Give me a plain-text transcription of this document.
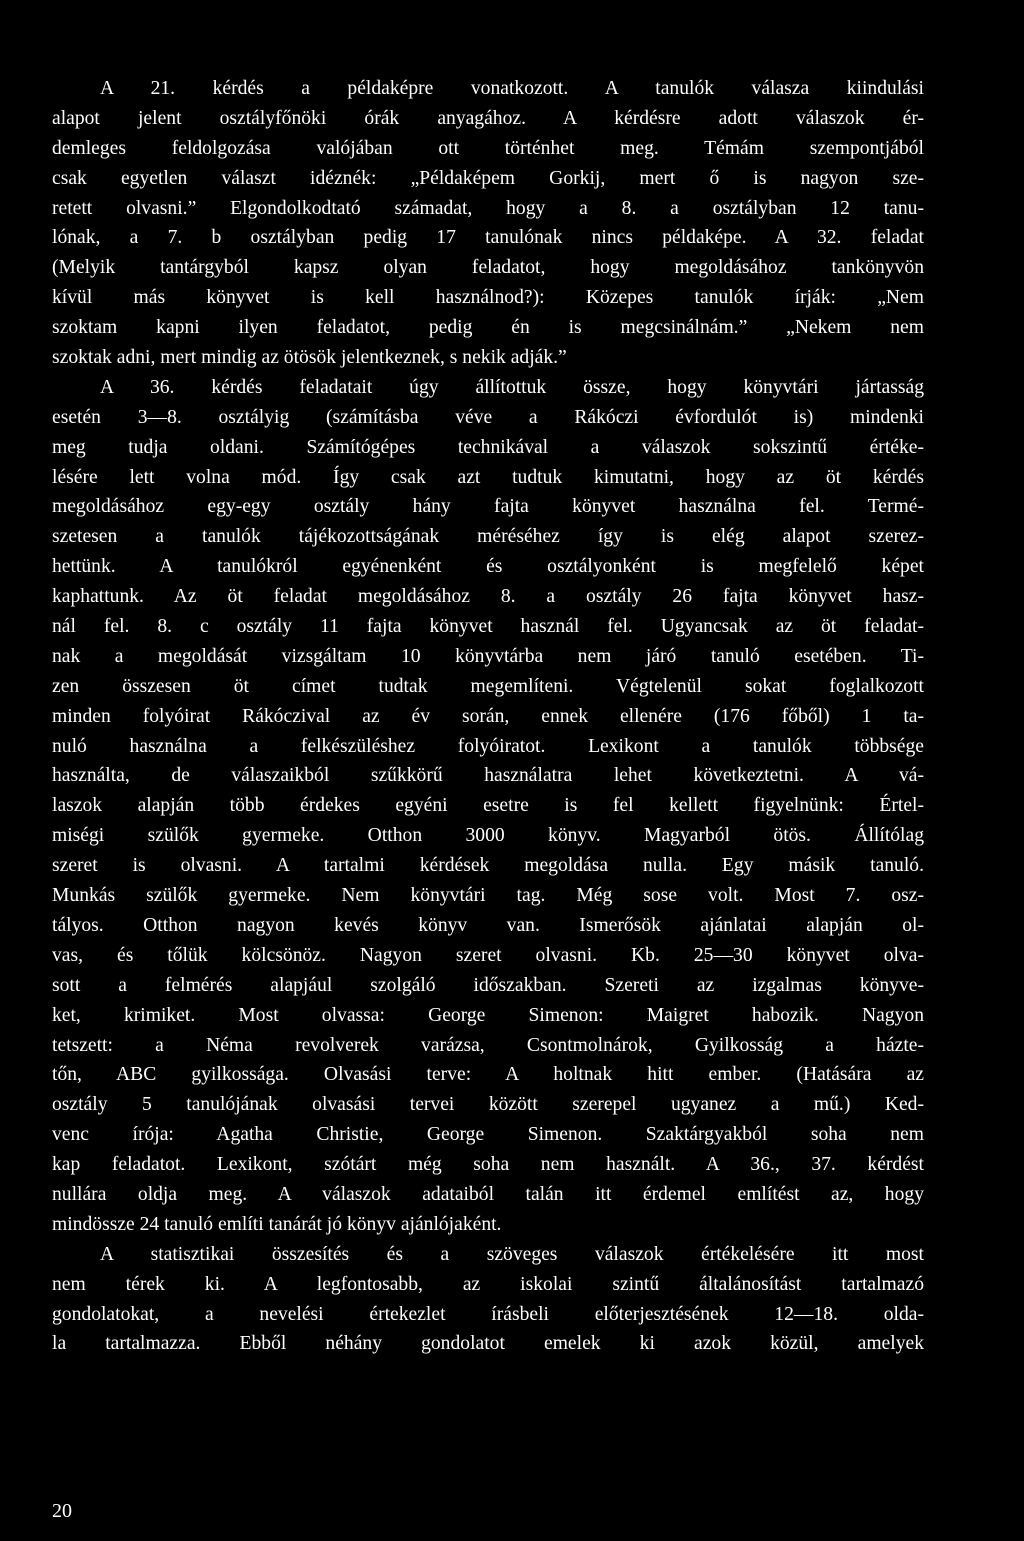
A 21. kérdés a példaképre vonatkozott. A tanulók válasza kiindulási
alapot jelent osztályfőnöki órák anyagához. A kérdésre adott válaszok ér-
demleges feldolgozása valójában ott történhet meg. Témám szempontjából
csak egyetlen választ idéznék: „Példaképem Gorkij, mert ő is nagyon sze-
retett olvasni.” Elgondolkodtató számadat, hogy a 8. a osztályban 12 tanu-
lónak, a 7. b osztályban pedig 17 tanulónak nincs példaképe. A 32. feladat
(Melyik tantárgyból kapsz olyan feladatot, hogy megoldásához tankönyvön
kívül más könyvet is kell használnod?): Közepes tanulók írják: „Nem
szoktam kapni ilyen feladatot, pedig én is megcsinálnám.” „Nekem nem
szoktak adni, mert mindig az ötösök jelentkeznek, s nekik adják.”
A 36. kérdés feladatait úgy állítottuk össze, hogy könyvtári jártasság
esetén 3—8. osztályig (számításba véve a Rákóczi évfordulót is) mindenki
meg tudja oldani. Számítógépes technikával a válaszok sokszintű értéke-
lésére lett volna mód. Így csak azt tudtuk kimutatni, hogy az öt kérdés
megoldásához egy-egy osztály hány fajta könyvet használna fel. Termé-
szetesen a tanulók tájékozottságának méréséhez így is elég alapot szerez-
hettünk. A tanulókról egyénenként és osztályonként is megfelelő képet
kaphattunk. Az öt feladat megoldásához 8. a osztály 26 fajta könyvet hasz-
nál fel. 8. c osztály 11 fajta könyvet használ fel. Ugyancsak az öt feladat-
nak a megoldását vizsgáltam 10 könyvtárba nem járó tanuló esetében. Ti-
zen összesen öt címet tudtak megemlíteni. Végtelenül sokat foglalkozott
minden folyóirat Rákóczival az év során, ennek ellenére (176 főből) 1 ta-
nuló használna a felkészüléshez folyóiratot. Lexikont a tanulók többsége
használta, de válaszaikból szűkkörű használatra lehet következtetni. A vá-
laszok alapján több érdekes egyéni esetre is fel kellett figyelnünk: Értel-
miségi szülők gyermeke. Otthon 3000 könyv. Magyarból ötös. Állítólag
szeret is olvasni. A tartalmi kérdések megoldása nulla. Egy másik tanuló.
Munkás szülők gyermeke. Nem könyvtári tag. Még sose volt. Most 7. osz-
tályos. Otthon nagyon kevés könyv van. Ismerősök ajánlatai alapján ol-
vas, és tőlük kölcsönöz. Nagyon szeret olvasni. Kb. 25—30 könyvet olva-
sott a felmérés alapjául szolgáló időszakban. Szereti az izgalmas könyve-
ket, krimiket. Most olvassa: George Simenon: Maigret habozik. Nagyon
tetszett: a Néma revolverek varázsa, Csontmolnárok, Gyilkosság a házte-
tőn, ABC gyilkossága. Olvasási terve: A holtnak hitt ember. (Hatására az
osztály 5 tanulójának olvasási tervei között szerepel ugyanez a mű.) Ked-
venc írója: Agatha Christie, George Simenon. Szaktárgyakból soha nem
kap feladatot. Lexikont, szótárt még soha nem használt. A 36., 37. kérdést
nullára oldja meg. A válaszok adataiból talán itt érdemel említést az, hogy
mindössze 24 tanuló említi tanárát jó könyv ajánlójaként.
A statisztikai összesítés és a szöveges válaszok értékelésére itt most
nem térek ki. A legfontosabb, az iskolai szintű általánosítást tartalmazó
gondolatokat, a nevelési értekezlet írásbeli előterjesztésének 12—18. olda-
la tartalmazza. Ebből néhány gondolatot emelek ki azok közül, amelyek
20
